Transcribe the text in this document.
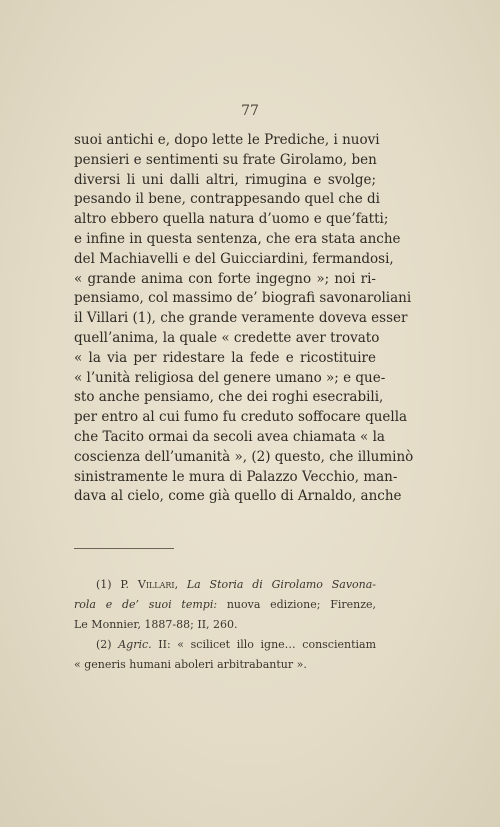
77
suoi antichi e, dopo lette le Prediche, i nuovi
pensieri e sentimenti su frate Girolamo, ben
diversi li uni dalli altri, rimugina e svolge;
pesando il bene, contrappesando quel che di
altro ebbero quella natura d’uomo e que’fatti;
e infine in questa sentenza, che era stata anche
del Machiavelli e del Guicciardini, fermandosi,
« grande anima con forte ingegno »; noi ri-
pensiamo, col massimo de’ biografi savonaroliani
il Villari (1), che grande veramente doveva esser
quell’anima, la quale « credette aver trovato
« la via per ridestare la fede e ricostituire
« l’unità religiosa del genere umano »; e que-
sto anche pensiamo, che dei roghi esecrabili,
per entro al cui fumo fu creduto soffocare quella
che Tacito ormai da secoli avea chiamata « la
coscienza dell’umanità », (2) questo, che illuminò
sinistramente le mura di Palazzo Vecchio, man-
dava al cielo, come già quello di Arnaldo, anche
(1) P. Villari, La Storia di Girolamo Savona-
rola e de’ suoi tempi: nuova edizione; Firenze,
Le Monnier, 1887-88; II, 260.
(2) Agric. II: « scilicet illo igne… conscientiam
« generis humani aboleri arbitrabantur ».
